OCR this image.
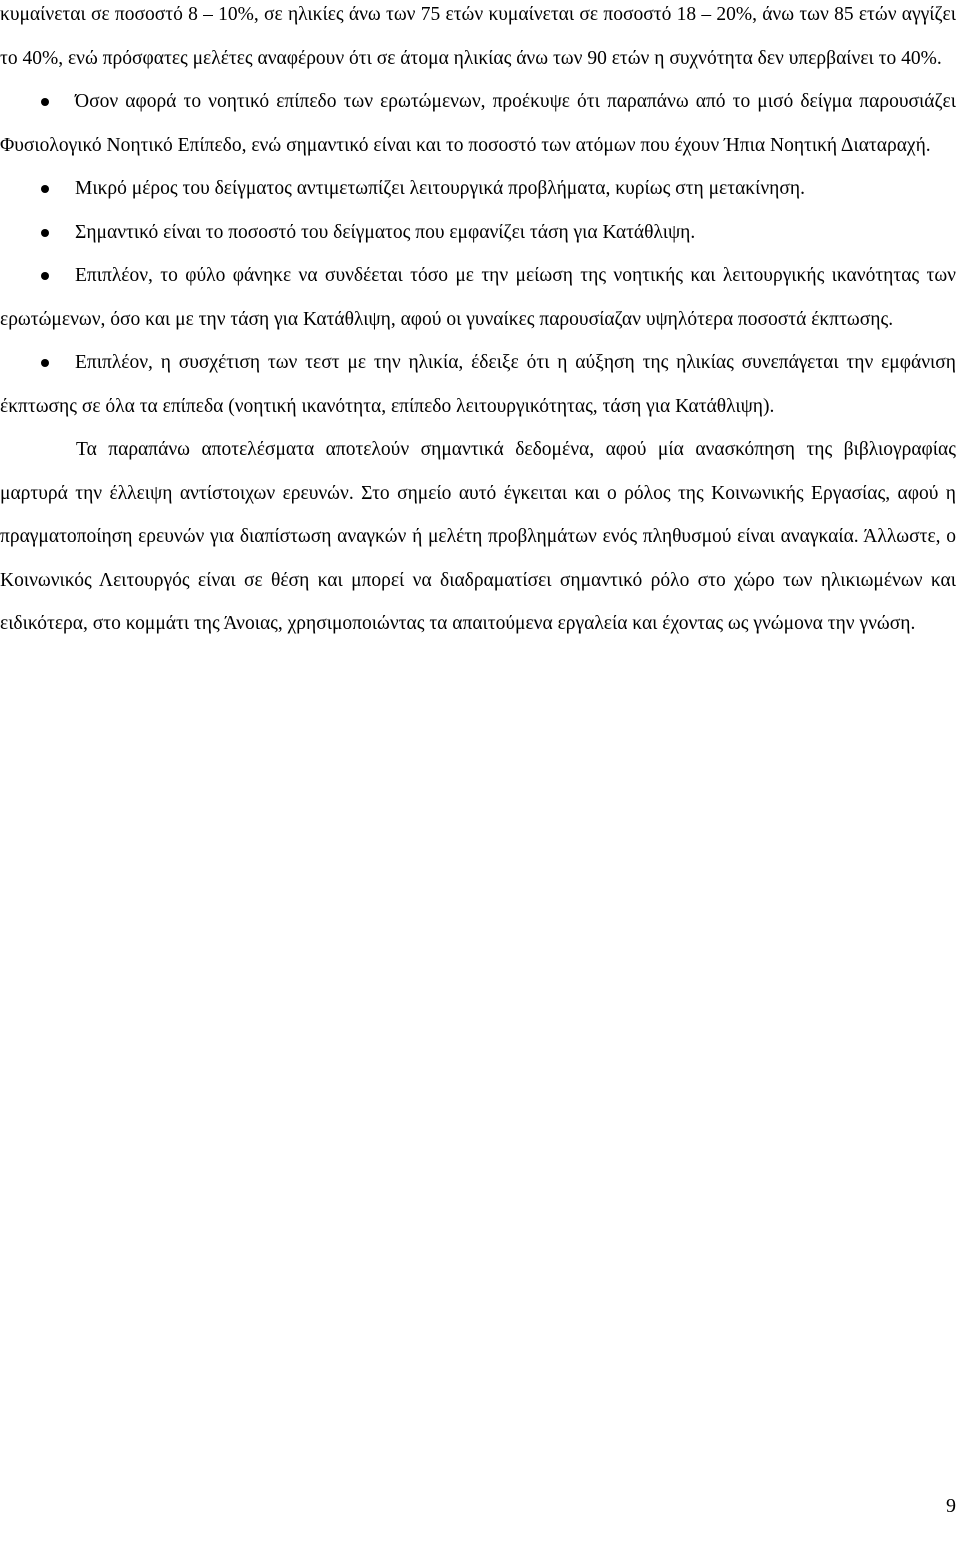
κυμαίνεται σε ποσοστό 8 – 10%, σε ηλικίες άνω των 75 ετών κυμαίνεται σε ποσοστό 18 – 20%, άνω των 85 ετών αγγίζει το 40%, ενώ πρόσφατες μελέτες αναφέρουν ότι σε άτομα ηλικίας άνω των 90 ετών η συχνότητα δεν υπερβαίνει το 40%.

Όσον αφορά το νοητικό επίπεδο των ερωτώμενων, προέκυψε ότι παραπάνω από το μισό δείγμα παρουσιάζει Φυσιολογικό Νοητικό Επίπεδο, ενώ σημαντικό είναι και το ποσοστό των ατόμων που έχουν Ήπια Νοητική Διαταραχή.

Μικρό μέρος του δείγματος αντιμετωπίζει λειτουργικά προβλήματα, κυρίως στη μετακίνηση.

Σημαντικό είναι το ποσοστό του δείγματος που εμφανίζει τάση για Κατάθλιψη.

Επιπλέον, το φύλο φάνηκε να συνδέεται τόσο με την μείωση της νοητικής και λειτουργικής ικανότητας των ερωτώμενων, όσο και με την τάση για Κατάθλιψη, αφού οι γυναίκες παρουσίαζαν υψηλότερα ποσοστά έκπτωσης.

Επιπλέον, η συσχέτιση των τεστ με την ηλικία, έδειξε ότι η αύξηση της ηλικίας συνεπάγεται την εμφάνιση έκπτωσης σε όλα τα επίπεδα (νοητική ικανότητα, επίπεδο λειτουργικότητας, τάση για Κατάθλιψη).

Τα παραπάνω αποτελέσματα αποτελούν σημαντικά δεδομένα, αφού μία ανασκόπηση της βιβλιογραφίας μαρτυρά την έλλειψη αντίστοιχων ερευνών. Στο σημείο αυτό έγκειται και ο ρόλος της Κοινωνικής Εργασίας, αφού η πραγματοποίηση ερευνών για διαπίστωση αναγκών ή μελέτη προβλημάτων ενός πληθυσμού είναι αναγκαία. Άλλωστε, ο Κοινωνικός Λειτουργός είναι σε θέση και μπορεί να διαδραματίσει σημαντικό ρόλο στο χώρο των ηλικιωμένων και ειδικότερα, στο κομμάτι της Άνοιας, χρησιμοποιώντας τα απαιτούμενα εργαλεία και έχοντας ως γνώμονα την γνώση.

9
